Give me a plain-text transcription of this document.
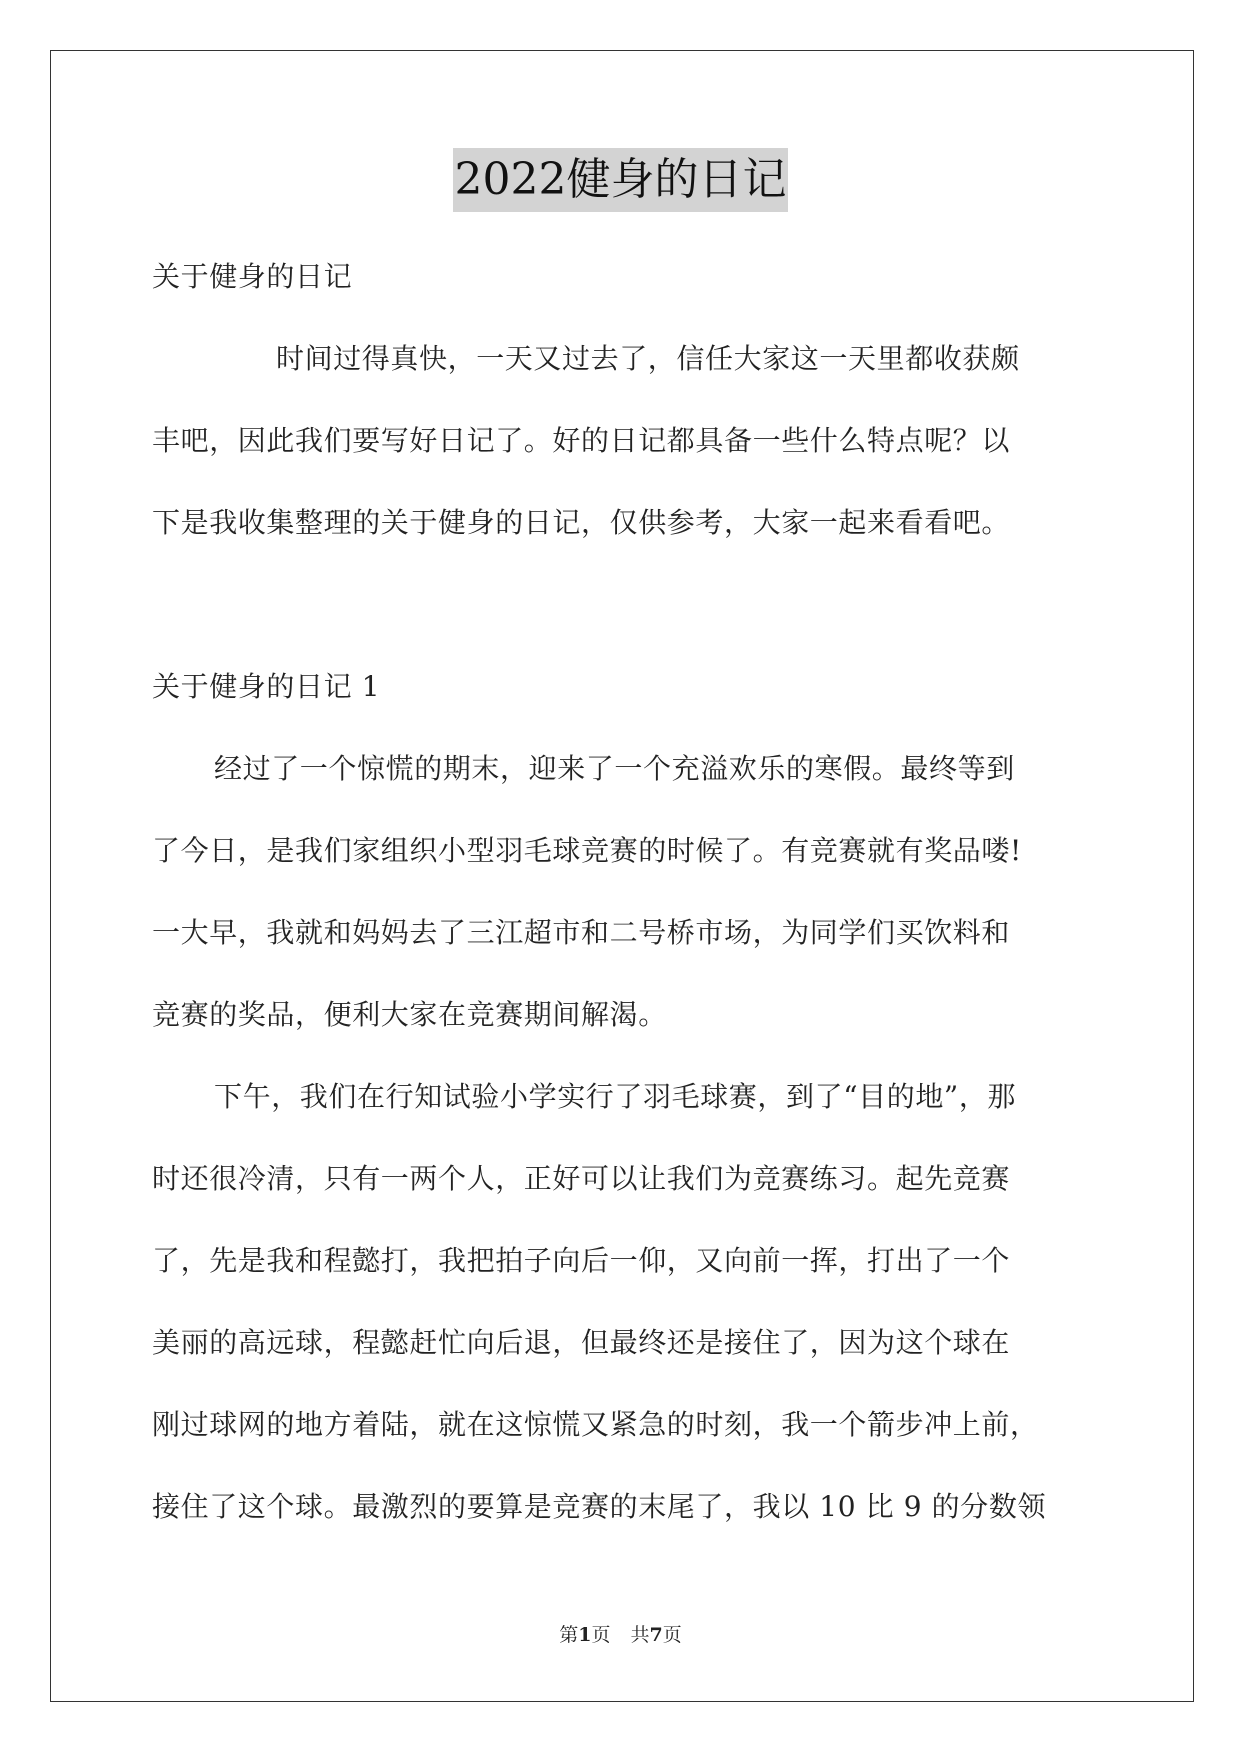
2022健身的日记
关于健身的日记
时间过得真快，一天又过去了，信任大家这一天里都收获颇
丰吧，因此我们要写好日记了。好的日记都具备一些什么特点呢？以
下是我收集整理的关于健身的日记，仅供参考，大家一起来看看吧。
关于健身的日记 1
经过了一个惊慌的期末，迎来了一个充溢欢乐的寒假。最终等到
了今日，是我们家组织小型羽毛球竞赛的时候了。有竞赛就有奖品喽!
一大早，我就和妈妈去了三江超市和二号桥市场，为同学们买饮料和
竞赛的奖品，便利大家在竞赛期间解渴。
下午，我们在行知试验小学实行了羽毛球赛，到了“目的地”，那
时还很冷清，只有一两个人，正好可以让我们为竞赛练习。起先竞赛
了，先是我和程懿打，我把拍子向后一仰，又向前一挥，打出了一个
美丽的高远球，程懿赶忙向后退，但最终还是接住了，因为这个球在
刚过球网的地方着陆，就在这惊慌又紧急的时刻，我一个箭步冲上前，
接住了这个球。最激烈的要算是竞赛的末尾了，我以 10 比 9 的分数领
第1页 共7页
